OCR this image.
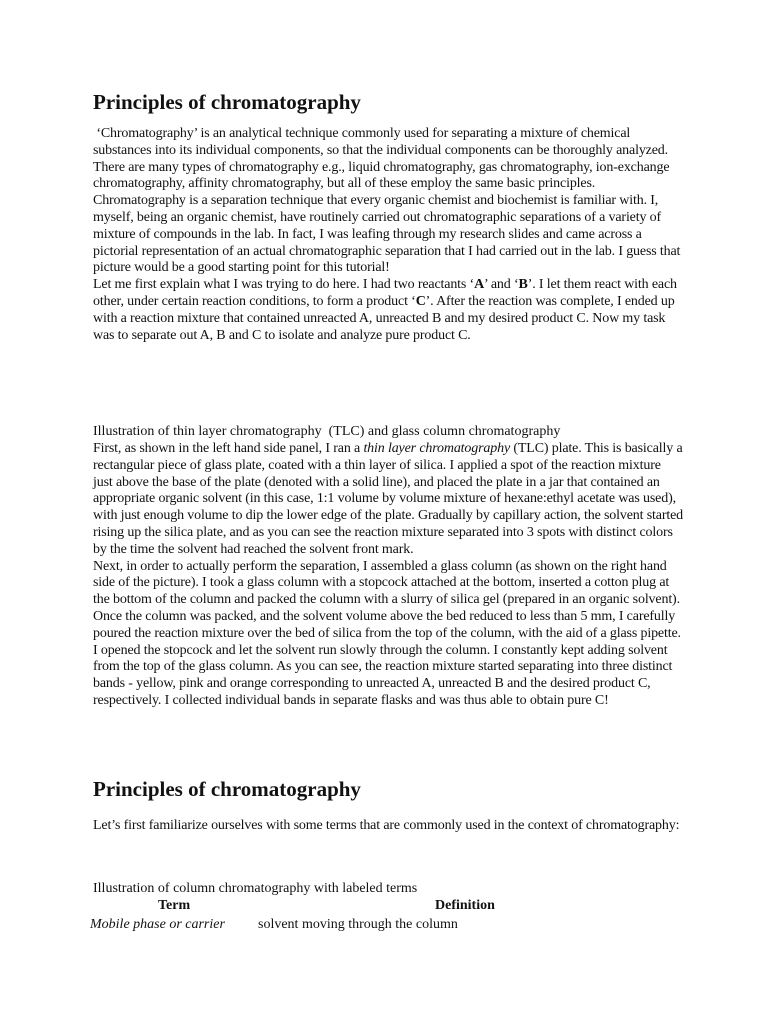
Principles of chromatography

‘Chromatography’ is an analytical technique commonly used for separating a mixture of chemical substances into its individual components, so that the individual components can be thoroughly analyzed. There are many types of chromatography e.g., liquid chromatography, gas chromatography, ion-exchange chromatography, affinity chromatography, but all of these employ the same basic principles.

Chromatography is a separation technique that every organic chemist and biochemist is familiar with. I, myself, being an organic chemist, have routinely carried out chromatographic separations of a variety of mixture of compounds in the lab. In fact, I was leafing through my research slides and came across a pictorial representation of an actual chromatographic separation that I had carried out in the lab. I guess that picture would be a good starting point for this tutorial!

Let me first explain what I was trying to do here. I had two reactants ‘A’ and ‘B’. I let them react with each other, under certain reaction conditions, to form a product ‘C’. After the reaction was complete, I ended up with a reaction mixture that contained unreacted A, unreacted B and my desired product C. Now my task was to separate out A, B and C to isolate and analyze pure product C.

Illustration of thin layer chromatography  (TLC) and glass column chromatography

First, as shown in the left hand side panel, I ran a thin layer chromatography (TLC) plate. This is basically a rectangular piece of glass plate, coated with a thin layer of silica. I applied a spot of the reaction mixture just above the base of the plate (denoted with a solid line), and placed the plate in a jar that contained an appropriate organic solvent (in this case, 1:1 volume by volume mixture of hexane:ethyl acetate was used), with just enough volume to dip the lower edge of the plate. Gradually by capillary action, the solvent started rising up the silica plate, and as you can see the reaction mixture separated into 3 spots with distinct colors by the time the solvent had reached the solvent front mark.

Next, in order to actually perform the separation, I assembled a glass column (as shown on the right hand side of the picture). I took a glass column with a stopcock attached at the bottom, inserted a cotton plug at the bottom of the column and packed the column with a slurry of silica gel (prepared in an organic solvent). Once the column was packed, and the solvent volume above the bed reduced to less than 5 mm, I carefully poured the reaction mixture over the bed of silica from the top of the column, with the aid of a glass pipette. I opened the stopcock and let the solvent run slowly through the column. I constantly kept adding solvent from the top of the glass column. As you can see, the reaction mixture started separating into three distinct bands - yellow, pink and orange corresponding to unreacted A, unreacted B and the desired product C, respectively. I collected individual bands in separate flasks and was thus able to obtain pure C!

Principles of chromatography

Let’s first familiarize ourselves with some terms that are commonly used in the context of chromatography:

Illustration of column chromatography with labeled terms
Term	Definition
Mobile phase or carrier solvent moving through the column
